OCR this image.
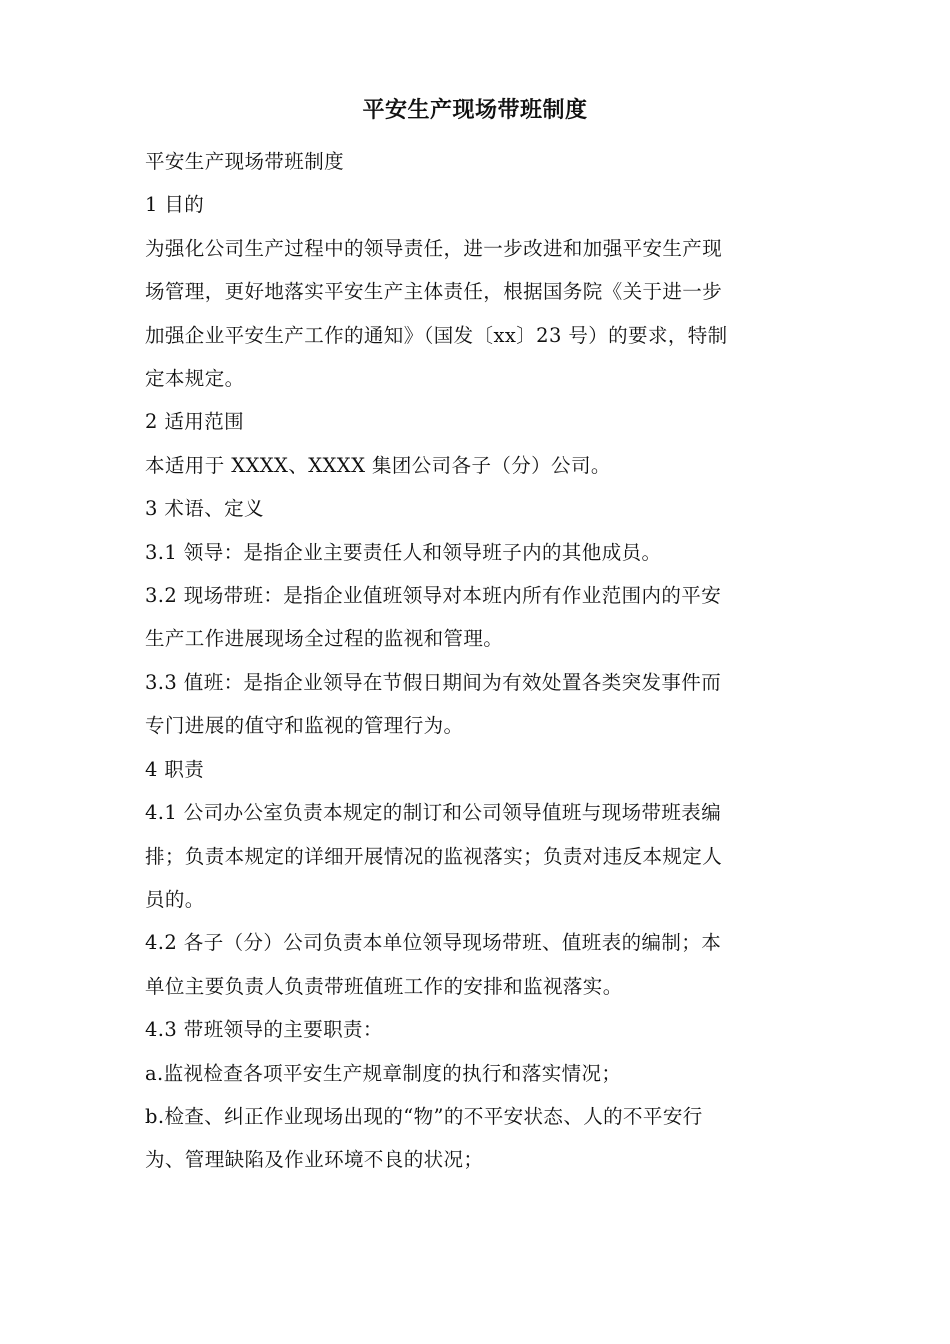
平安生产现场带班制度

平安生产现场带班制度

1 目的

为强化公司生产过程中的领导责任，进一步改进和加强平安生产现

场管理，更好地落实平安生产主体责任，根据国务院《关于进一步

加强企业平安生产工作的通知》（国发〔xx〕23 号）的要求，特制

定本规定。

2 适用范围

本适用于 XXXX、XXXX 集团公司各子（分）公司。

3 术语、定义

3.1 领导：是指企业主要责任人和领导班子内的其他成员。

3.2 现场带班：是指企业值班领导对本班内所有作业范围内的平安

生产工作进展现场全过程的监视和管理。

3.3 值班：是指企业领导在节假日期间为有效处置各类突发事件而

专门进展的值守和监视的管理行为。

4 职责

4.1 公司办公室负责本规定的制订和公司领导值班与现场带班表编

排；负责本规定的详细开展情况的监视落实；负责对违反本规定人

员的。

4.2 各子（分）公司负责本单位领导现场带班、值班表的编制；本

单位主要负责人负责带班值班工作的安排和监视落实。

4.3 带班领导的主要职责：

a.监视检查各项平安生产规章制度的执行和落实情况；

b.检查、纠正作业现场出现的“物”的不平安状态、人的不平安行

为、管理缺陷及作业环境不良的状况；
